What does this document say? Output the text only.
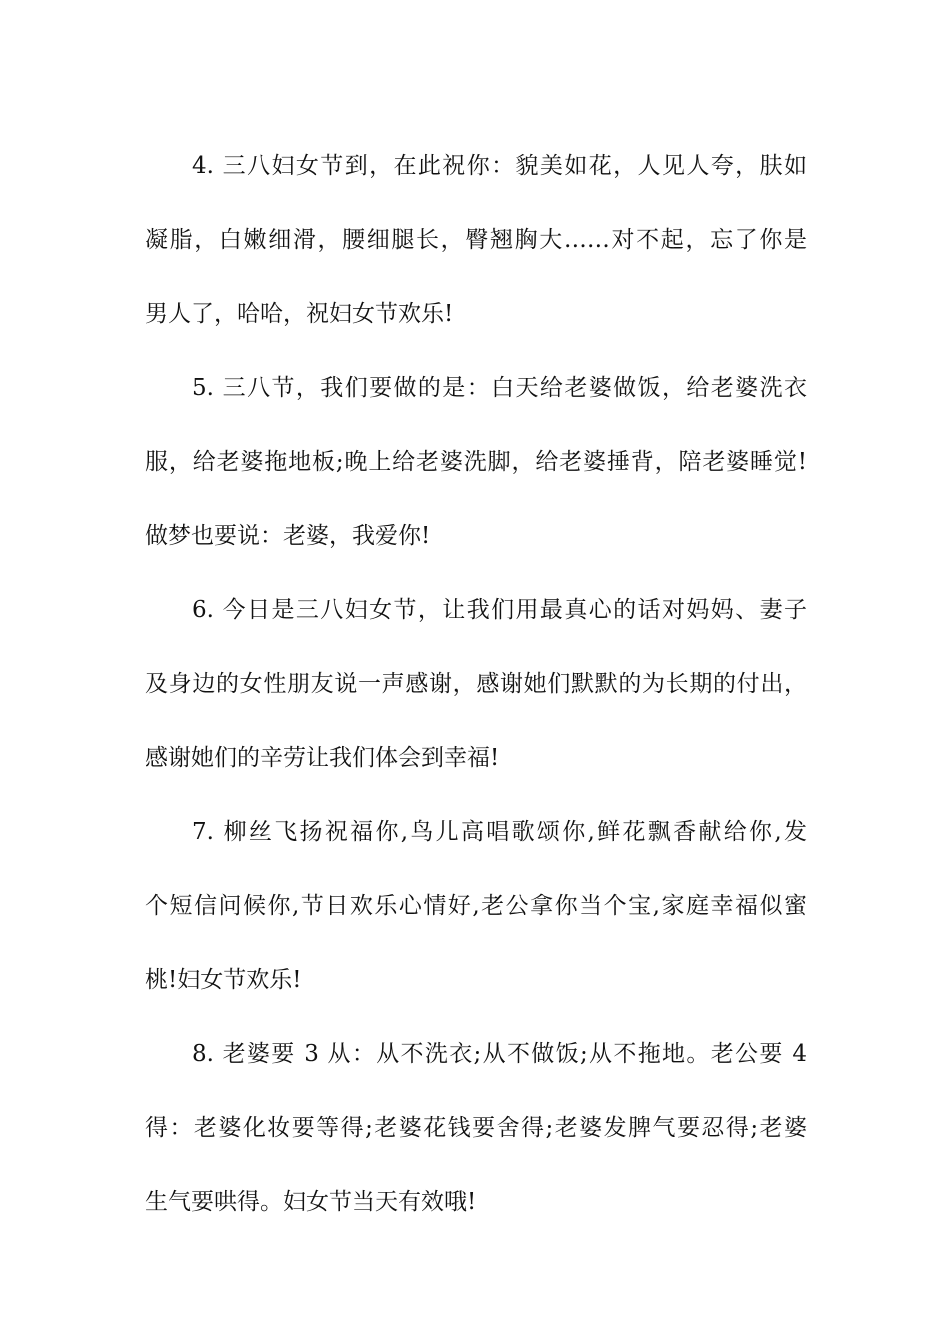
4. 三八妇女节到，在此祝你：貌美如花，人见人夸，肤如
凝脂，白嫩细滑，腰细腿长，臀翘胸大……对不起，忘了你是
男人了，哈哈，祝妇女节欢乐!
5. 三八节，我们要做的是：白天给老婆做饭，给老婆洗衣
服，给老婆拖地板;晚上给老婆洗脚，给老婆捶背，陪老婆睡觉!
做梦也要说：老婆，我爱你!
6. 今日是三八妇女节，让我们用最真心的话对妈妈、妻子
及身边的女性朋友说一声感谢，感谢她们默默的为长期的付出，
感谢她们的辛劳让我们体会到幸福!
7. 柳丝飞扬祝福你,鸟儿高唱歌颂你,鲜花飘香献给你,发
个短信问候你,节日欢乐心情好,老公拿你当个宝,家庭幸福似蜜
桃!妇女节欢乐!
8. 老婆要 3 从：从不洗衣;从不做饭;从不拖地。老公要 4
得：老婆化妆要等得;老婆花钱要舍得;老婆发脾气要忍得;老婆
生气要哄得。妇女节当天有效哦!
